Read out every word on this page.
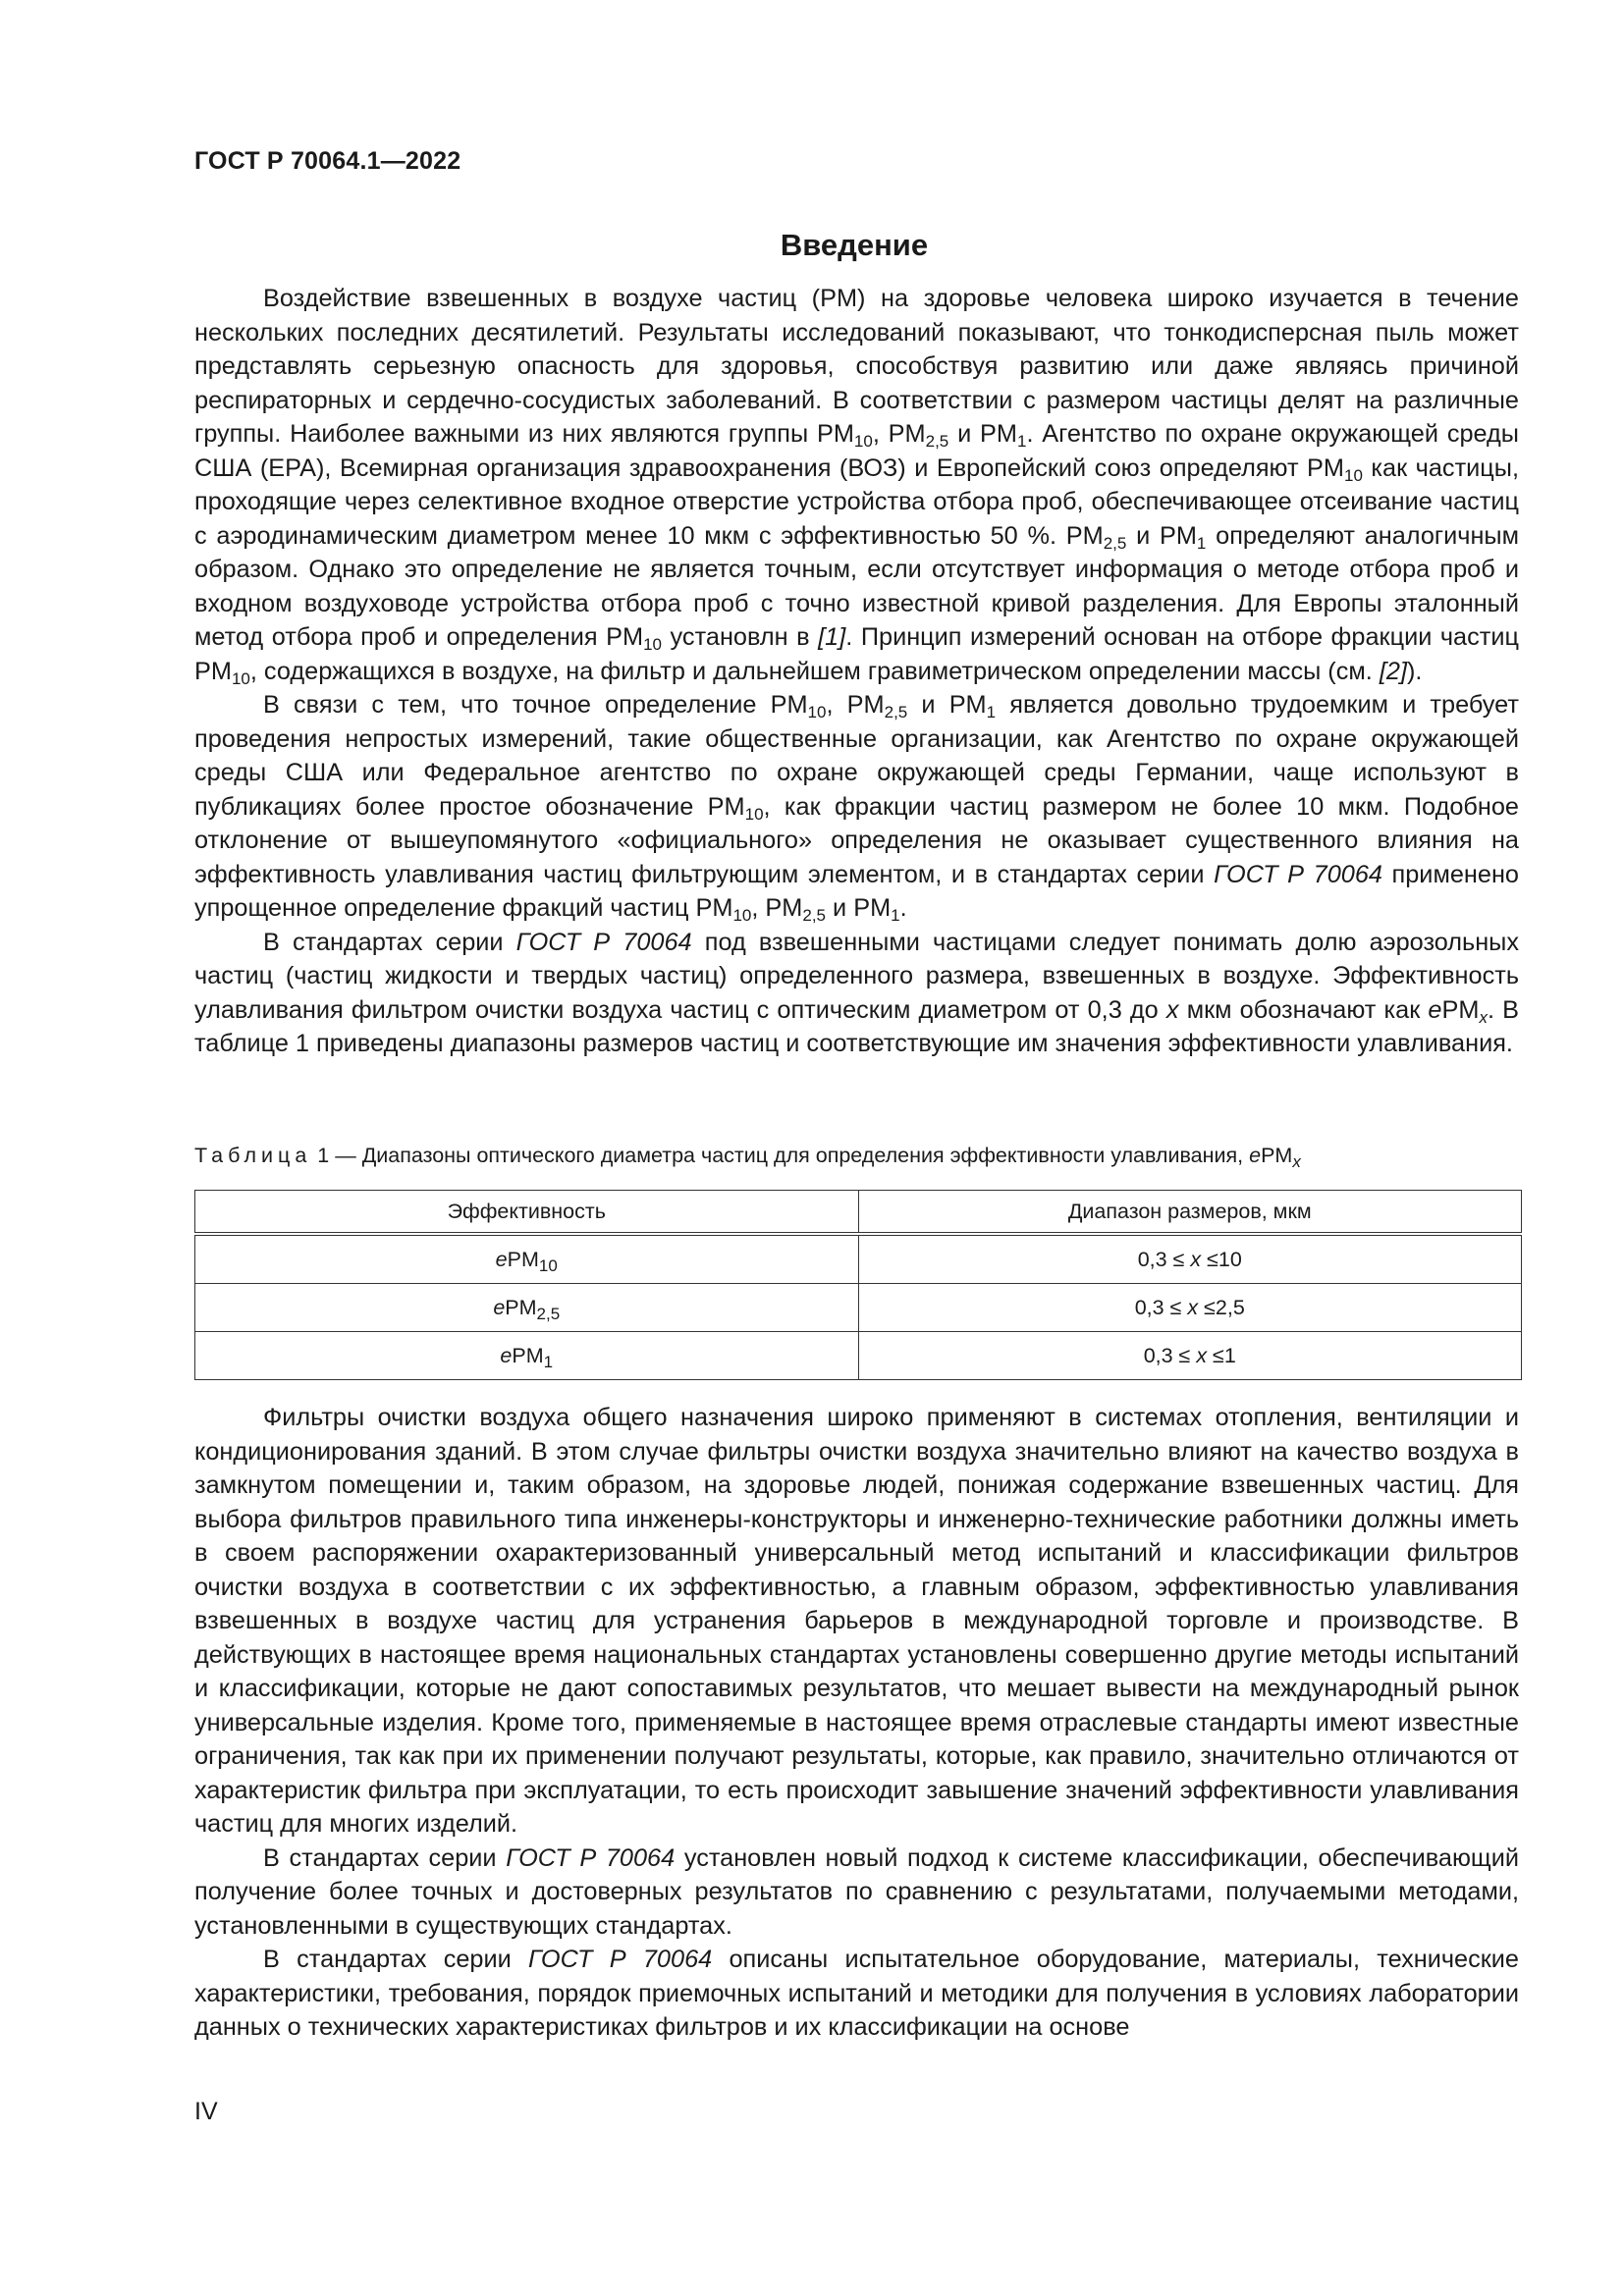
ГОСТ Р 70064.1—2022
Введение

Воздействие взвешенных в воздухе частиц (PM) на здоровье человека широко изучается в течение нескольких последних десятилетий. Результаты исследований показывают, что тонкодисперсная пыль может представлять серьезную опасность для здоровья, способствуя развитию или даже являясь причиной респираторных и сердечно-сосудистых заболеваний. В соответствии с размером частицы делят на различные группы. Наиболее важными из них являются группы $PM_{10}$, $PM_{2,5}$ и $PM_1$. Агентство по охране окружающей среды США (EPA), Всемирная организация здравоохранения (ВОЗ) и Европейский союз определяют $PM_{10}$ как частицы, проходящие через селективное входное отверстие устройства отбора проб, обеспечивающее отсеивание частиц с аэродинамическим диаметром менее 10 мкм с эффективностью 50 %. $PM_{2,5}$ и $PM_1$ определяют аналогичным образом. Однако это определение не является точным, если отсутствует информация о методе отбора проб и входном воздуховоде устройства отбора проб с точно известной кривой разделения. Для Европы эталонный метод отбора проб и определения $PM_{10}$ установлн в [1]. Принцип измерений основан на отборе фракции частиц $PM_{10}$, содержащихся в воздухе, на фильтр и дальнейшем гравиметрическом определении массы (см. [2]).

В связи с тем, что точное определение $PM_{10}$, $PM_{2,5}$ и $PM_1$ является довольно трудоемким и требует проведения непростых измерений, такие общественные организации, как Агентство по охране окружающей среды США или Федеральное агентство по охране окружающей среды Германии, чаще используют в публикациях более простое обозначение $PM_{10}$, как фракции частиц размером не более 10 мкм. Подобное отклонение от вышеупомянутого «официального» определения не оказывает существенного влияния на эффективность улавливания частиц фильтрующим элементом, и в стандартах серии ГОСТ Р 70064 применено упрощенное определение фракций частиц $PM_{10}$, $PM_{2,5}$ и $PM_1$.

В стандартах серии ГОСТ Р 70064 под взвешенными частицами следует понимать долю аэрозольных частиц (частиц жидкости и твердых частиц) определенного размера, взвешенных в воздухе. Эффективность улавливания фильтром очистки воздуха частиц с оптическим диаметром от 0,3 до x мкм обозначают как ePM$_x$. В таблице 1 приведены диапазоны размеров частиц и соответствующие им значения эффективности улавливания.

Таблица 1 — Диапазоны оптического диаметра частиц для определения эффективности улавливания, ePM$_x$
Эффективность	Диапазон размеров, мкм
ePM$_{10}$	0,3 ≤ x ≤10
ePM$_{2,5}$	0,3 ≤ x ≤2,5
ePM$_1$	0,3 ≤ x ≤1

Фильтры очистки воздуха общего назначения широко применяют в системах отопления, вентиляции и кондиционирования зданий. В этом случае фильтры очистки воздуха значительно влияют на качество воздуха в замкнутом помещении и, таким образом, на здоровье людей, понижая содержание взвешенных частиц. Для выбора фильтров правильного типа инженеры-конструкторы и инженерно-технические работники должны иметь в своем распоряжении охарактеризованный универсальный метод испытаний и классификации фильтров очистки воздуха в соответствии с их эффективностью, а главным образом, эффективностью улавливания взвешенных в воздухе частиц для устранения барьеров в международной торговле и производстве. В действующих в настоящее время национальных стандартах установлены совершенно другие методы испытаний и классификации, которые не дают сопоставимых результатов, что мешает вывести на международный рынок универсальные изделия. Кроме того, применяемые в настоящее время отраслевые стандарты имеют известные ограничения, так как при их применении получают результаты, которые, как правило, значительно отличаются от характеристик фильтра при эксплуатации, то есть происходит завышение значений эффективности улавливания частиц для многих изделий.

В стандартах серии ГОСТ Р 70064 установлен новый подход к системе классификации, обеспечивающий получение более точных и достоверных результатов по сравнению с результатами, получаемыми методами, установленными в существующих стандартах.

В стандартах серии ГОСТ Р 70064 описаны испытательное оборудование, материалы, технические характеристики, требования, порядок приемочных испытаний и методики для получения в условиях лаборатории данных о технических характеристиках фильтров и их классификации на основе

IV
